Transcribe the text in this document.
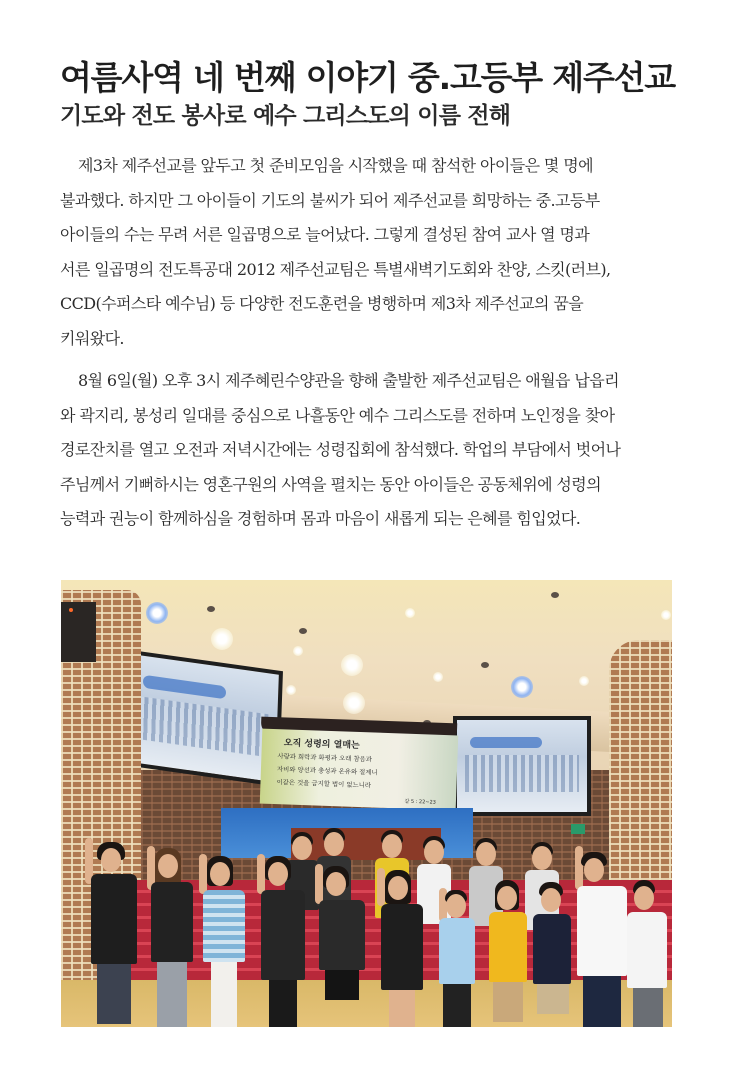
여름사역 네 번째 이야기 중.고등부 제주선교
기도와 전도 봉사로 예수 그리스도의 이름 전해
제3차 제주선교를 앞두고 첫 준비모임을 시작했을 때 참석한 아이들은 몇 명에
불과했다. 하지만 그 아이들이 기도의 불씨가 되어 제주선교를 희망하는 중.고등부
아이들의 수는 무려 서른 일곱명으로 늘어났다. 그렇게 결성된 참여 교사 열 명과
서른 일곱명의 전도특공대 2012 제주선교팀은 특별새벽기도회와 찬양, 스킷(러브),
CCD(수퍼스타 예수님) 등 다양한 전도훈련을 병행하며 제3차 제주선교의 꿈을
키워왔다.
8월 6일(월) 오후 3시 제주혜린수양관을 향해 출발한 제주선교팀은 애월읍 납읍리
와 곽지리, 봉성리 일대를 중심으로 나흘동안 예수 그리스도를 전하며 노인정을 찾아
경로잔치를 열고 오전과 저녁시간에는 성령집회에 참석했다. 학업의 부담에서 벗어나
주님께서 기뻐하시는 영혼구원의 사역을 펼치는 동안 아이들은 공동체위에 성령의
능력과 권능이 함께하심을 경험하며 몸과 마음이 새롭게 되는 은혜를 힘입었다.
오직 성령의 열매는
사랑과 희락과 화평과 오래 참음과
자비와 양선과 충성과 온유와 절제니
이같은 것을 금지할 법이 없느니라
갈 5 : 22~23
